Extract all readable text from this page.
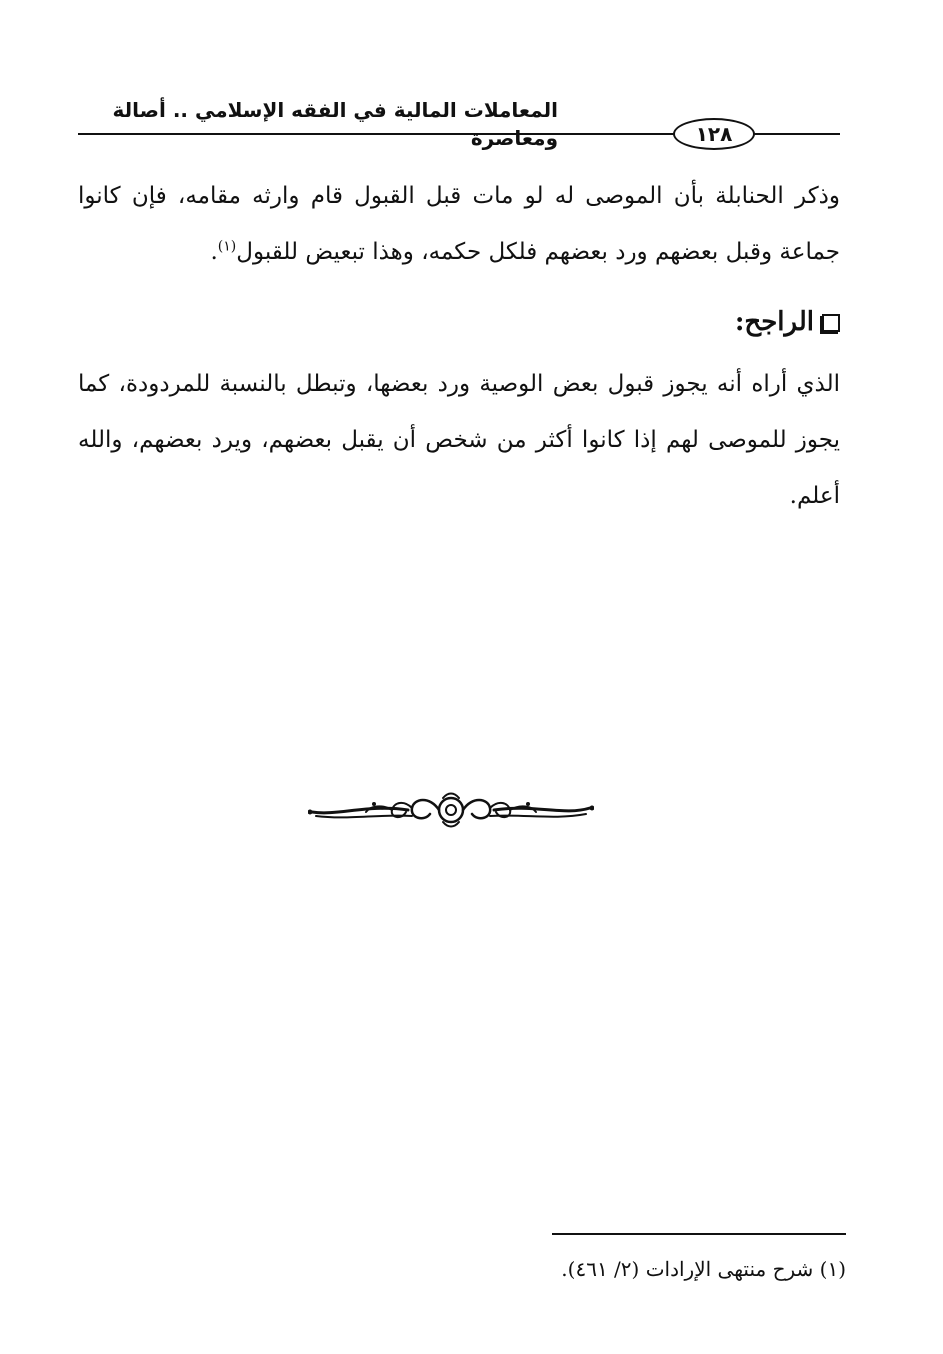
المعاملات المالية في الفقه الإسلامي .. أصالة ومعاصرة	١٢٨
وذكر الحنابلة بأن الموصى له لو مات قبل القبول قام وارثه مقامه، فإن كانوا جماعة وقبل بعضهم ورد بعضهم فلكل حكمه، وهذا تبعيض للقبول$^{(١)}$.
الراجح:
الذي أراه أنه يجوز قبول بعض الوصية ورد بعضها، وتبطل بالنسبة للمردودة، كما يجوز للموصى لهم إذا كانوا أكثر من شخص أن يقبل بعضهم، ويرد بعضهم، والله أعلم.
(١) شرح منتهى الإرادات (٢/ ٤٦١).
